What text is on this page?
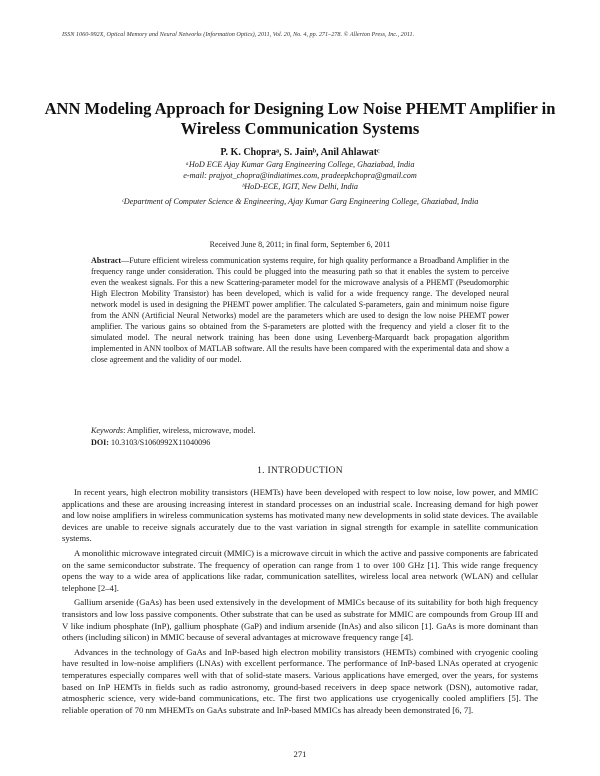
ISSN 1060-992X, Optical Memory and Neural Networks (Information Optics), 2011, Vol. 20, No. 4, pp. 271–278. © Allerton Press, Inc., 2011.
ANN Modeling Approach for Designing Low Noise PHEMT Amplifier in Wireless Communication Systems
P. K. Chopraᵃ, S. Jainᵇ, Anil Ahlawatᶜ
ᵃHoD ECE Ajay Kumar Garg Engineering College, Ghaziabad, India
e-mail: prajyot_chopra@indiatimes.com, pradeepkchopra@gmail.com
ᵇHoD-ECE, IGIT, New Delhi, India
ᶜDepartment of Computer Science & Engineering, Ajay Kumar Garg Engineering College, Ghaziabad, India
Received June 8, 2011; in final form, September 6, 2011
Abstract—Future efficient wireless communication systems require, for high quality performance a Broadband Amplifier in the frequency range under consideration. This could be plugged into the measuring path so that it enables the system to perceive even the weakest signals. For this a new Scattering-parameter model for the microwave analysis of a PHEMT (Pseudomorphic High Electron Mobility Transistor) has been developed, which is valid for a wide frequency range. The developed neural network model is used in designing the PHEMT power amplifier. The calculated S-parameters, gain and minimum noise figure from the ANN (Artificial Neural Networks) model are the parameters which are used to design the low noise PHEMT power amplifier. The various gains so obtained from the S-parameters are plotted with the frequency and yield a closer fit to the simulated model. The neural network training has been done using Levenberg-Marquardt back propagation algorithm implemented in ANN toolbox of MATLAB software. All the results have been compared with the experimental data and show a close agreement and the validity of our model.
Keywords: Amplifier, wireless, microwave, model.
DOI: 10.3103/S1060992X11040096
1. INTRODUCTION

In recent years, high electron mobility transistors (HEMTs) have been developed with respect to low noise, low power, and MMIC applications and these are arousing increasing interest in standard processes on an industrial scale. Increasing demand for high power and low noise amplifiers in wireless communication systems has motivated many new developments in solid state devices. The available devices are unable to receive signals accurately due to the vast variation in signal strength for example in satellite communication systems.

A monolithic microwave integrated circuit (MMIC) is a microwave circuit in which the active and passive components are fabricated on the same semiconductor substrate. The frequency of operation can range from 1 to over 100 GHz [1]. This wide range frequency opens the way to a wide area of applications like radar, communication satellites, wireless local area network (WLAN) and cellular telephone [2–4].

Gallium arsenide (GaAs) has been used extensively in the development of MMICs because of its suitability for both high frequency transistors and low loss passive components. Other substrate that can be used as substrate for MMIC are compounds from Group III and V like indium phosphate (InP), gallium phosphate (GaP) and indium arsenide (InAs) and also silicon [1]. GaAs is more dominant than others (including silicon) in MMIC because of several advantages at microwave frequency range [4].

Advances in the technology of GaAs and InP-based high electron mobility transistors (HEMTs) combined with cryogenic cooling have resulted in low-noise amplifiers (LNAs) with excellent performance. The performance of InP-based LNAs operated at cryogenic temperatures especially compares well with that of solid-state masers. Various applications have emerged, over the years, for systems based on InP HEMTs in fields such as radio astronomy, ground-based receivers in deep space network (DSN), automotive radar, atmospheric science, very wide-band communications, etc. The first two applications use cryogenically cooled amplifiers [5]. The reliable operation of 70 nm MHEMTs on GaAs substrate and InP-based MMICs has already been demonstrated [6, 7].

271
